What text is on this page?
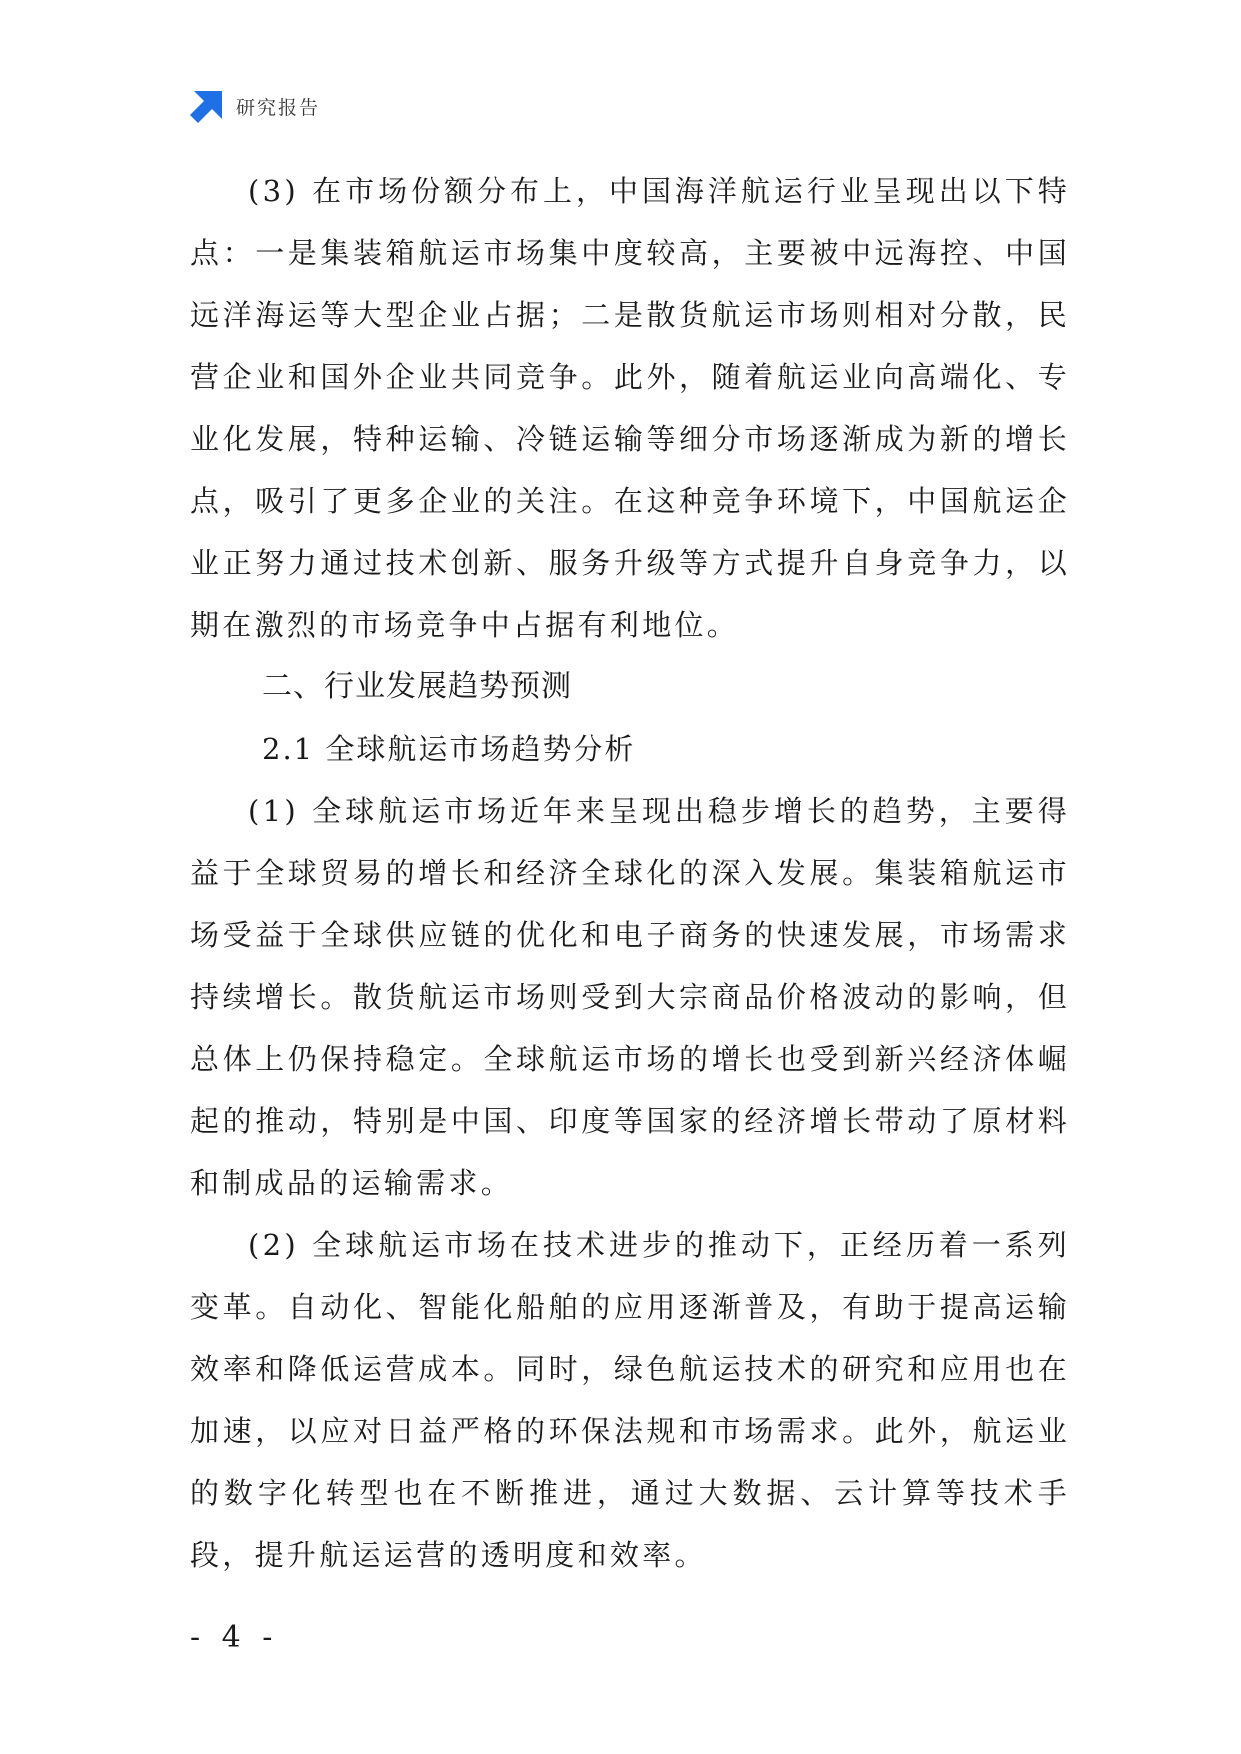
研究报告

(3) 在市场份额分布上，中国海洋航运行业呈现出以下特点：一是集装箱航运市场集中度较高，主要被中远海控、中国远洋海运等大型企业占据；二是散货航运市场则相对分散，民营企业和国外企业共同竞争。此外，随着航运业向高端化、专业化发展，特种运输、冷链运输等细分市场逐渐成为新的增长点，吸引了更多企业的关注。在这种竞争环境下，中国航运企业正努力通过技术创新、服务升级等方式提升自身竞争力，以期在激烈的市场竞争中占据有利地位。

二、行业发展趋势预测

2.1 全球航运市场趋势分析

(1) 全球航运市场近年来呈现出稳步增长的趋势，主要得益于全球贸易的增长和经济全球化的深入发展。集装箱航运市场受益于全球供应链的优化和电子商务的快速发展，市场需求持续增长。散货航运市场则受到大宗商品价格波动的影响，但总体上仍保持稳定。全球航运市场的增长也受到新兴经济体崛起的推动，特别是中国、印度等国家的经济增长带动了原材料和制成品的运输需求。

(2) 全球航运市场在技术进步的推动下，正经历着一系列变革。自动化、智能化船舶的应用逐渐普及，有助于提高运输效率和降低运营成本。同时，绿色航运技术的研究和应用也在加速，以应对日益严格的环保法规和市场需求。此外，航运业的数字化转型也在不断推进，通过大数据、云计算等技术手段，提升航运运营的透明度和效率。

- 4 -
